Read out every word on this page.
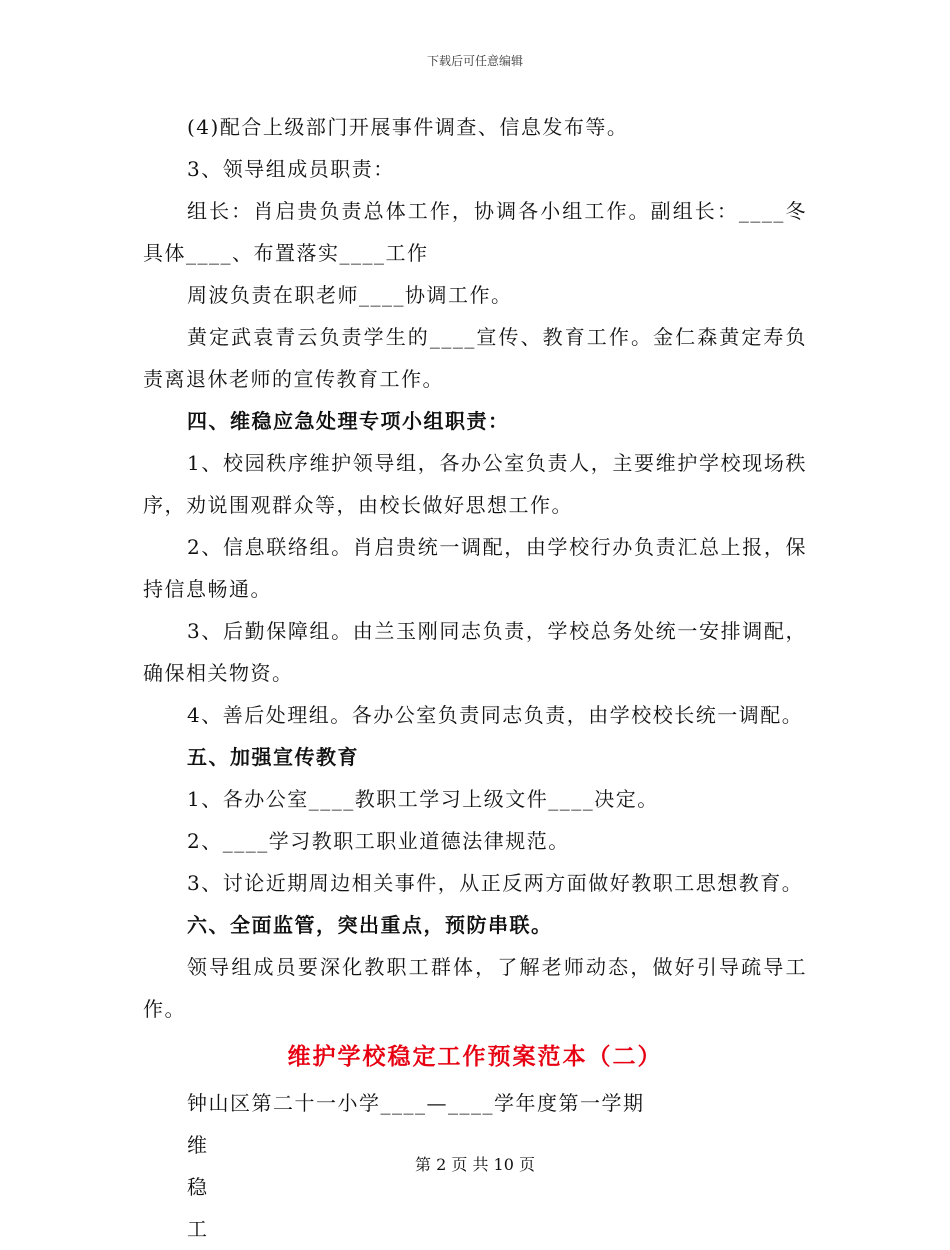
下载后可任意编辑

(4)配合上级部门开展事件调查、信息发布等。

3、领导组成员职责：

组长：肖启贵负责总体工作，协调各小组工作。副组长：____冬具体____、布置落实____工作

周波负责在职老师____协调工作。

黄定武袁青云负责学生的____宣传、教育工作。金仁森黄定寿负责离退休老师的宣传教育工作。

四、维稳应急处理专项小组职责：

1、校园秩序维护领导组，各办公室负责人，主要维护学校现场秩序，劝说围观群众等，由校长做好思想工作。

2、信息联络组。肖启贵统一调配，由学校行办负责汇总上报，保持信息畅通。

3、后勤保障组。由兰玉刚同志负责，学校总务处统一安排调配，确保相关物资。

4、善后处理组。各办公室负责同志负责，由学校校长统一调配。

五、加强宣传教育

1、各办公室____教职工学习上级文件____决定。

2、____学习教职工职业道德法律规范。

3、讨论近期周边相关事件，从正反两方面做好教职工思想教育。

六、全面监管，突出重点，预防串联。

领导组成员要深化教职工群体，了解老师动态，做好引导疏导工作。

维护学校稳定工作预案范本（二）

钟山区第二十一小学____—____学年度第一学期

维

稳

工

第 2 页 共 10 页
